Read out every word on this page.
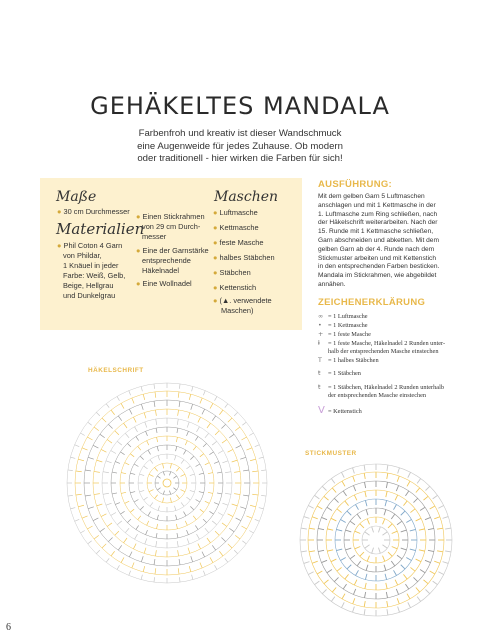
GEHÄKELTES MANDALA
Farbenfroh und kreativ ist dieser Wandschmuck
eine Augenweide für jedes Zuhause. Ob modern
oder traditionell - hier wirken die Farben für sich!
Maße
● 30 cm Durchmesser
Materialien
● Phil Coton 4 Garn
von Phildar,
1 Knäuel in jeder
Farbe: Weiß, Gelb,
Beige, Hellgrau
und Dunkelgrau
● Einen Stickrahmen
von 29 cm Durch-
messer
● Eine der Garnstärke
entsprechende
Häkelnadel
● Eine Wollnadel
Maschen
● Luftmasche
● Kettmasche
● feste Masche
● halbes Stäbchen
● Stäbchen
● Kettenstich
● (▲. verwendete
Maschen)
AUSFÜHRUNG:
Mit dem gelben Garn 5 Luftmaschen
anschlagen und mit 1 Kettmasche in der
1. Luftmasche zum Ring schließen, nach
der Häkelschrift weiterarbeiten. Nach der
15. Runde mit 1 Kettmasche schließen,
Garn abschneiden und abketten. Mit dem
gelben Garn ab der 4. Runde nach dem
Stickmuster arbeiten und mit Kettenstich
in den entsprechenden Farben besticken.
Mandala im Stickrahmen, wie abgebildet
annähen.
ZEICHENERKLÄRUNG
∞ = 1 Luftmasche
• = 1 Kettmasche
+ = 1 feste Masche
ⱡ = 1 feste Masche, Häkelnadel 2 Runden unter-
halb der entsprechenden Masche einstechen
T = 1 halbes Stäbchen
ŧ = 1 Stäbchen
ŧ = 1 Stäbchen, Häkelnadel 2 Runden unterhalb
der entsprechenden Masche einstechen
V = Kettenstich
HÄKELSCHRIFT
STICKMUSTER
6
